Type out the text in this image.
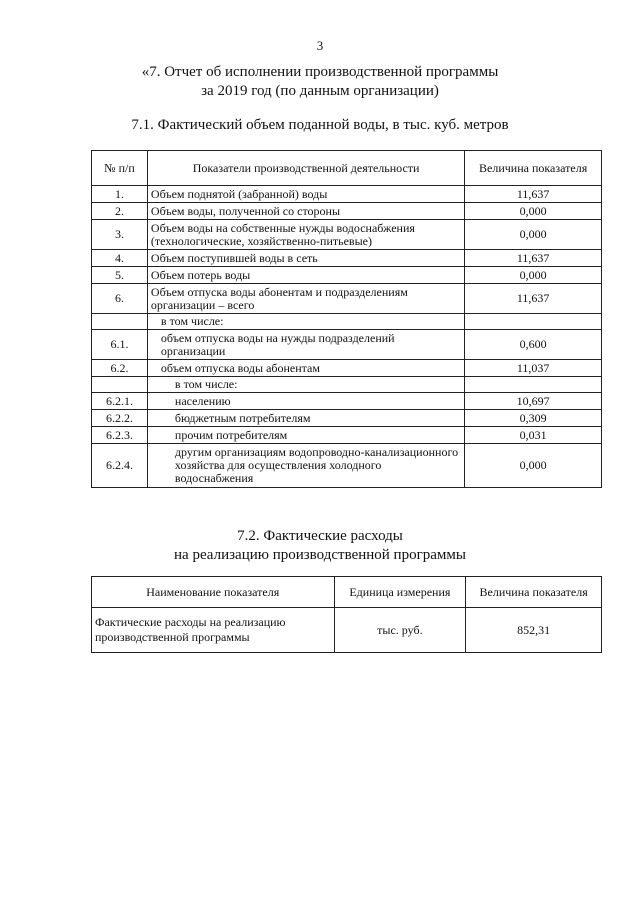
3
«7. Отчет об исполнении производственной программы
за 2019 год (по данным организации)
7.1. Фактический объем поданной воды, в тыс. куб. метров
№ п/п	Показатели производственной деятельности	Величина показателя
1.	Объем поднятой (забранной) воды	11,637
2.	Объем воды, полученной со стороны	0,000
3.	Объем воды на собственные нужды водоснабжения (технологические, хозяйственно-питьевые)	0,000
4.	Объем поступившей воды в сеть	11,637
5.	Объем потерь воды	0,000
6.	Объем отпуска воды абонентам и подразделениям организации – всего	11,637
	в том числе:	
6.1.	объем отпуска воды на нужды подразделений организации	0,600
6.2.	объем отпуска воды абонентам	11,037
	в том числе:	
6.2.1.	населению	10,697
6.2.2.	бюджетным потребителям	0,309
6.2.3.	прочим потребителям	0,031
6.2.4.	другим организациям водопроводно-канализационного хозяйства для осуществления холодного водоснабжения	0,000
7.2. Фактические расходы
на реализацию производственной программы
Наименование показателя	Единица измерения	Величина показателя
Фактические расходы на реализацию производственной программы	тыс. руб.	852,31
